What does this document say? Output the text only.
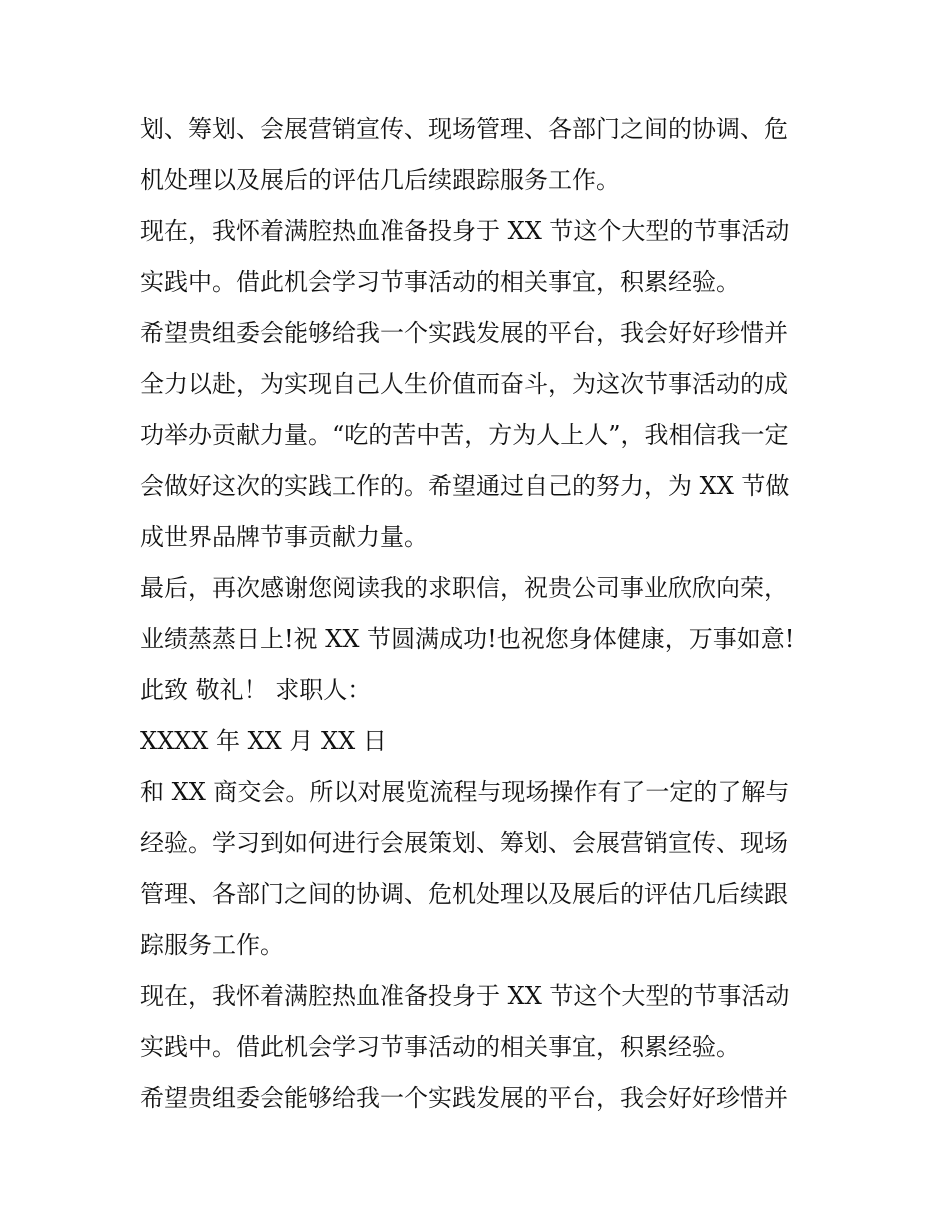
划、筹划、会展营销宣传、现场管理、各部门之间的协调、危
机处理以及展后的评估几后续跟踪服务工作。
现在，我怀着满腔热血准备投身于 XX 节这个大型的节事活动
实践中。借此机会学习节事活动的相关事宜，积累经验。
希望贵组委会能够给我一个实践发展的平台，我会好好珍惜并
全力以赴，为实现自己人生价值而奋斗，为这次节事活动的成
功举办贡献力量。“吃的苦中苦，方为人上人”，我相信我一定
会做好这次的实践工作的。希望通过自己的努力，为 XX 节做
成世界品牌节事贡献力量。
最后，再次感谢您阅读我的求职信，祝贵公司事业欣欣向荣，
业绩蒸蒸日上!祝 XX 节圆满成功!也祝您身体健康，万事如意!
此致 敬礼！ 求职人：
XXXX 年 XX 月 XX 日
和 XX 商交会。所以对展览流程与现场操作有了一定的了解与
经验。学习到如何进行会展策划、筹划、会展营销宣传、现场
管理、各部门之间的协调、危机处理以及展后的评估几后续跟
踪服务工作。
现在，我怀着满腔热血准备投身于 XX 节这个大型的节事活动
实践中。借此机会学习节事活动的相关事宜，积累经验。
希望贵组委会能够给我一个实践发展的平台，我会好好珍惜并
